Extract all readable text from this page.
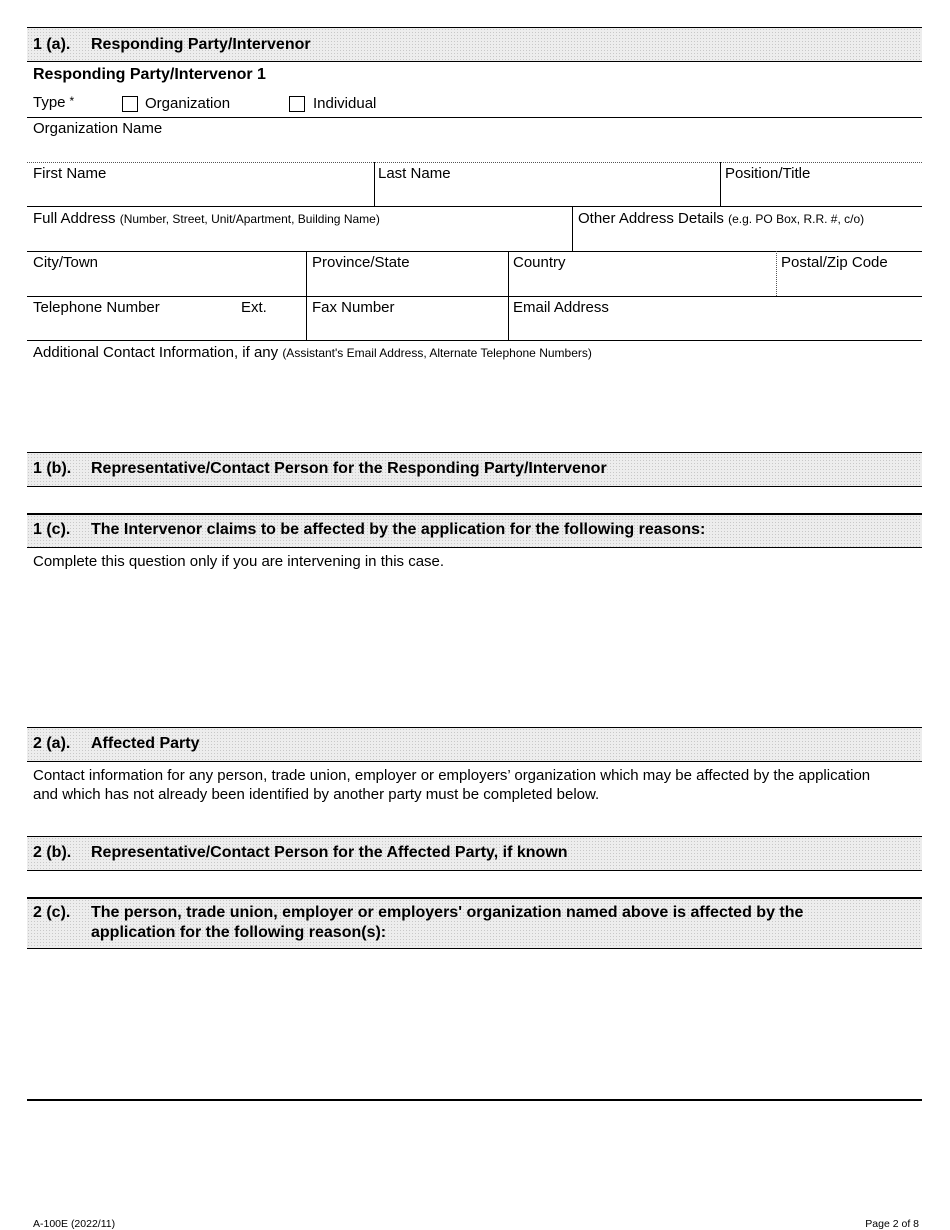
1 (a). Responding Party/Intervenor
Responding Party/Intervenor 1
Type *	Organization	Individual
Organization Name
First Name	Last Name	Position/Title
Full Address (Number, Street, Unit/Apartment, Building Name)	Other Address Details (e.g. PO Box, R.R. #, c/o)
City/Town	Province/State	Country	Postal/Zip Code
Telephone Number	Ext.	Fax Number	Email Address
Additional Contact Information, if any (Assistant's Email Address, Alternate Telephone Numbers)
1 (b). Representative/Contact Person for the Responding Party/Intervenor
1 (c). The Intervenor claims to be affected by the application for the following reasons:
Complete this question only if you are intervening in this case.
2 (a). Affected Party
Contact information for any person, trade union, employer or employers’ organization which may be affected by the application
and which has not already been identified by another party must be completed below.
2 (b). Representative/Contact Person for the Affected Party, if known
2 (c). The person, trade union, employer or employers' organization named above is affected by the
application for the following reason(s):
A-100E (2022/11)	Page 2 of 8
